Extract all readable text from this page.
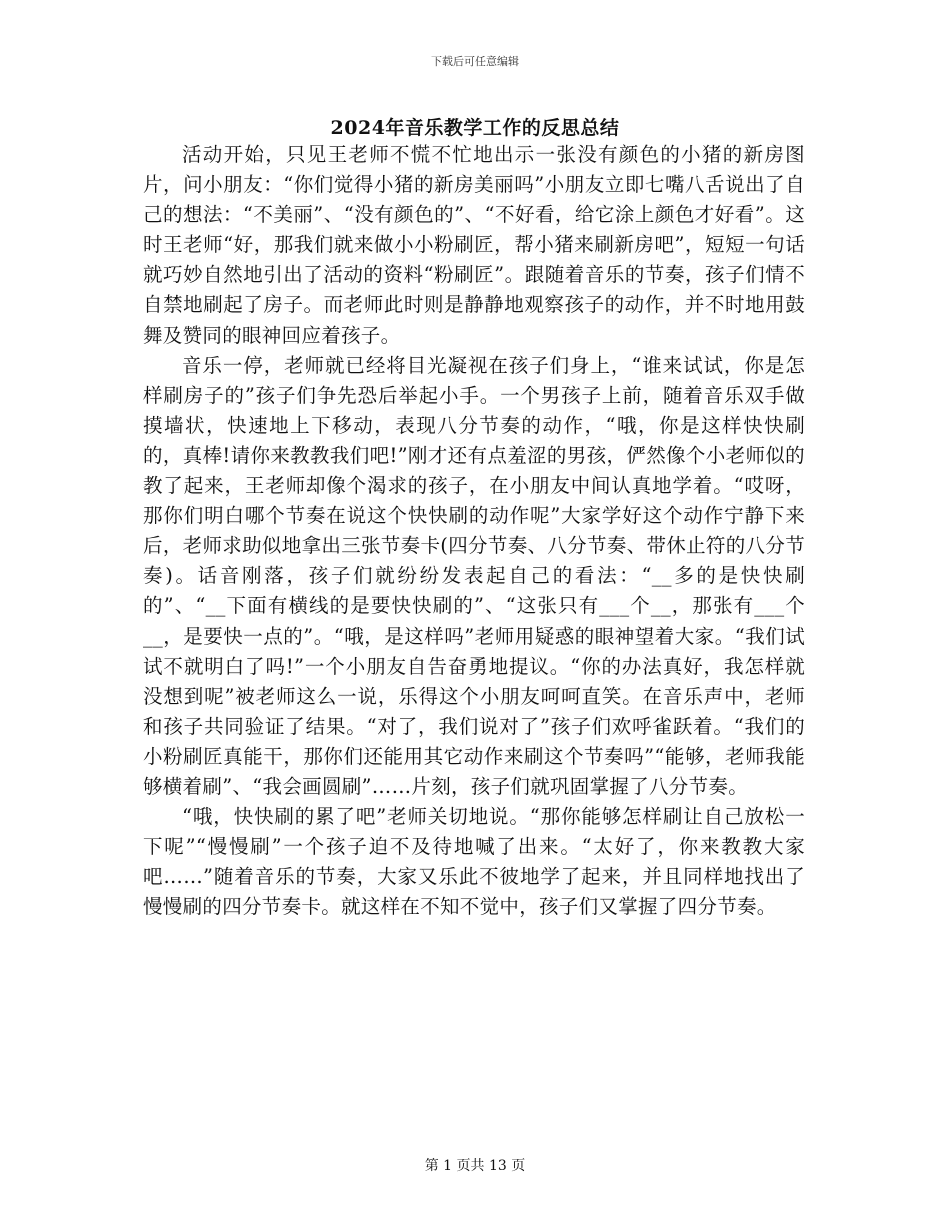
下载后可任意编辑
2024年音乐教学工作的反思总结

活动开始，只见王老师不慌不忙地出示一张没有颜色的小猪的新房图片，问小朋友：“你们觉得小猪的新房美丽吗”小朋友立即七嘴八舌说出了自己的想法：“不美丽”、“没有颜色的”、“不好看，给它涂上颜色才好看”。这时王老师“好，那我们就来做小小粉刷匠，帮小猪来刷新房吧”，短短一句话就巧妙自然地引出了活动的资料“粉刷匠”。跟随着音乐的节奏，孩子们情不自禁地刷起了房子。而老师此时则是静静地观察孩子的动作，并不时地用鼓舞及赞同的眼神回应着孩子。

音乐一停，老师就已经将目光凝视在孩子们身上，“谁来试试，你是怎样刷房子的”孩子们争先恐后举起小手。一个男孩子上前，随着音乐双手做摸墙状，快速地上下移动，表现八分节奏的动作，“哦，你是这样快快刷的，真棒!请你来教教我们吧!”刚才还有点羞涩的男孩，俨然像个小老师似的教了起来，王老师却像个渴求的孩子，在小朋友中间认真地学着。“哎呀，那你们明白哪个节奏在说这个快快刷的动作呢”大家学好这个动作宁静下来后，老师求助似地拿出三张节奏卡(四分节奏、八分节奏、带休止符的八分节奏)。话音刚落，孩子们就纷纷发表起自己的看法：“__多的是快快刷的”、“__下面有横线的是要快快刷的”、“这张只有___个__，那张有___个__，是要快一点的”。“哦，是这样吗”老师用疑惑的眼神望着大家。“我们试试不就明白了吗!”一个小朋友自告奋勇地提议。“你的办法真好，我怎样就没想到呢”被老师这么一说，乐得这个小朋友呵呵直笑。在音乐声中，老师和孩子共同验证了结果。“对了，我们说对了”孩子们欢呼雀跃着。“我们的小粉刷匠真能干，那你们还能用其它动作来刷这个节奏吗”“能够，老师我能够横着刷”、“我会画圆刷”……片刻，孩子们就巩固掌握了八分节奏。

“哦，快快刷的累了吧”老师关切地说。“那你能够怎样刷让自己放松一下呢”“慢慢刷”一个孩子迫不及待地喊了出来。“太好了，你来教教大家吧……”随着音乐的节奏，大家又乐此不彼地学了起来，并且同样地找出了慢慢刷的四分节奏卡。就这样在不知不觉中，孩子们又掌握了四分节奏。

第 1 页共 13 页
